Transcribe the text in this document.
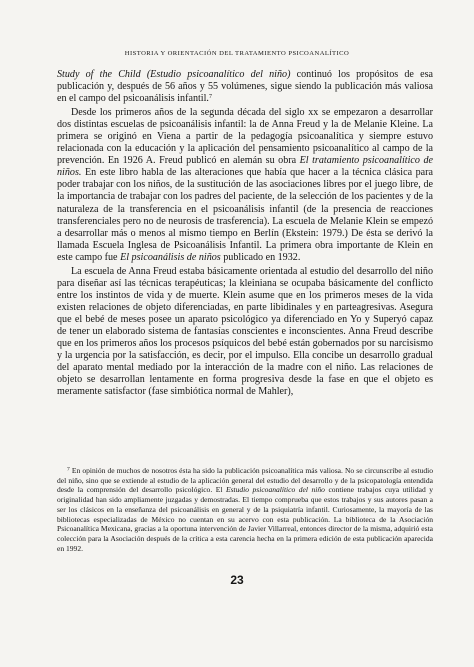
HISTORIA Y ORIENTACIÓN DEL TRATAMIENTO PSICOANALÍTICO

Study of the Child (Estudio psicoanalítico del niño) continuó los propósitos de esa publicación y, después de 56 años y 55 volúmenes, sigue siendo la publicación más valiosa en el campo del psicoanálisis infantil.$^7$

Desde los primeros años de la segunda década del siglo xx se empezaron a desarrollar dos distintas escuelas de psicoanálisis infantil: la de Anna Freud y la de Melanie Kleine. La primera se originó en Viena a partir de la pedagogía psicoanalítica y siempre estuvo relacionada con la educación y la aplicación del pensamiento psicoanalítico al campo de la prevención. En 1926 A. Freud publicó en alemán su obra El tratamiento psicoanalítico de niños. En este libro habla de las alteraciones que había que hacer a la técnica clásica para poder trabajar con los niños, de la sustitución de las asociaciones libres por el juego libre, de la importancia de trabajar con los padres del paciente, de la selección de los pacientes y de la naturaleza de la transferencia en el psicoanálisis infantil (de la presencia de reacciones transferenciales pero no de neurosis de trasferencia). La escuela de Melanie Klein se empezó a desarrollar más o menos al mismo tiempo en Berlín (Ekstein: 1979.) De ésta se derivó la llamada Escuela Inglesa de Psicoanálisis Infantil. La primera obra importante de Klein en este campo fue El psicoanálisis de niños publicado en 1932.

La escuela de Anna Freud estaba básicamente orientada al estudio del desarrollo del niño para diseñar así las técnicas terapéuticas; la kleiniana se ocupaba básicamente del conflicto entre los instintos de vida y de muerte. Klein asume que en los primeros meses de la vida existen relaciones de objeto diferenciadas, en parte libidinales y en parteagresivas. Asegura que el bebé de meses posee un aparato psicológico ya diferenciado en Yo y Superyó capaz de tener un elaborado sistema de fantasías conscientes e inconscientes. Anna Freud describe que en los primeros años los procesos psíquicos del bebé están gobernados por su narcisismo y la urgencia por la satisfacción, es decir, por el impulso. Ella concibe un desarrollo gradual del aparato mental mediado por la interacción de la madre con el niño. Las relaciones de objeto se desarrollan lentamente en forma progresiva desde la fase en que el objeto es meramente satisfactor (fase simbiótica normal de Mahler),

$^7$ En opinión de muchos de nosotros ésta ha sido la publicación psicoanalítica más valiosa. No se circunscribe al estudio del niño, sino que se extiende al estudio de la aplicación general del estudio del desarrollo y de la psicopatología entendida desde la comprensión del desarrollo psicológico. El Estudio psicoanalítico del niño contiene trabajos cuya utilidad y originalidad han sido ampliamente juzgadas y demostradas. El tiempo comprueba que estos trabajos y sus autores pasan a ser los clásicos en la enseñanza del psicoanálisis en general y de la psiquiatría infantil. Curiosamente, la mayoría de las bibliotecas especializadas de México no cuentan en su acervo con esta publicación. La biblioteca de la Asociación Psicoanalítica Mexicana, gracias a la oportuna intervención de Javier Villarreal, entonces director de la misma, adquirió esta colección para la Asociación después de la crítica a esta carencia hecha en la primera edición de esta publicación aparecida en 1992.

23
